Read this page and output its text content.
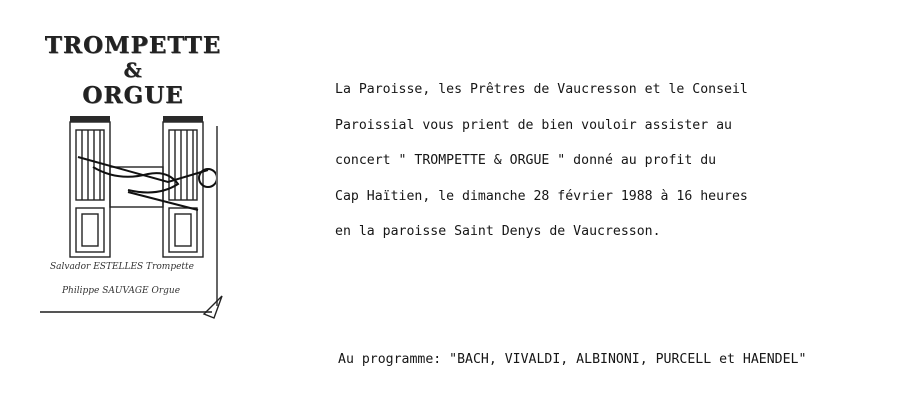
TROMPETTE
&
ORGUE
Salvador ESTELLES Trompette
Philippe SAUVAGE Orgue

La Paroisse, les Prêtres de Vaucresson et le Conseil

Paroissial vous prient de bien vouloir assister au

concert " TROMPETTE & ORGUE " donné au profit du

Cap Haïtien, le dimanche 28 février 1988 à 16 heures

en la paroisse Saint Denys de Vaucresson.

Au programme: "BACH, VIVALDI, ALBINONI, PURCELL et HAENDEL"
